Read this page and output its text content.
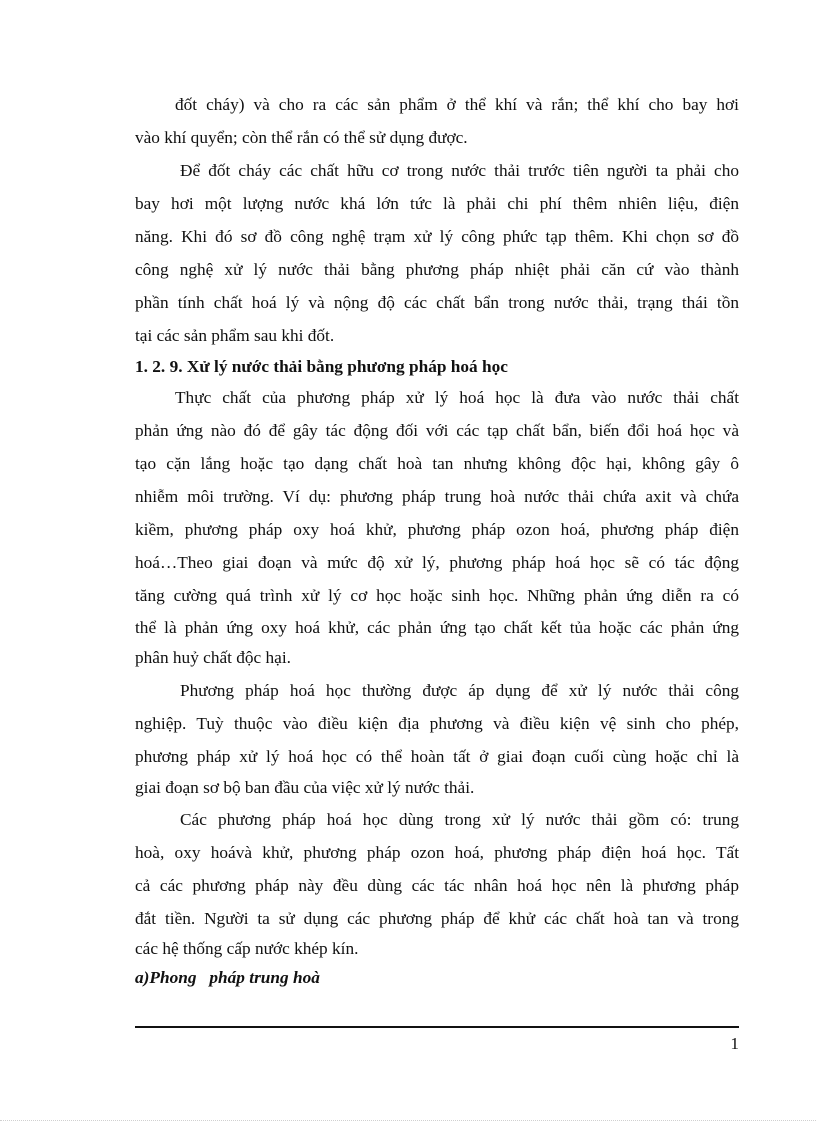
đốt cháy) và cho ra các sản phẩm ở thể khí và rắn; thể khí cho bay hơi
vào khí quyển; còn thể rắn có thể sử dụng được.
Để đốt cháy các chất hữu cơ trong nước thải trước tiên người ta phải cho
bay hơi một lượng nước khá lớn tức là phải chi phí thêm nhiên liệu, điện
năng. Khi đó sơ đồ công nghệ trạm xử lý công phức tạp thêm. Khi chọn sơ đồ
công nghệ xử lý nước thải bằng phương pháp nhiệt phải căn cứ vào thành
phần tính chất hoá lý và nộng độ các chất bẩn trong nước thải, trạng thái tồn
tại các sản phẩm sau khi đốt.
1. 2. 9. Xử lý nước thải bằng phương pháp hoá học
Thực chất của phương pháp xử lý hoá học là đưa vào nước thải chất
phản ứng nào đó để gây tác động đối với các tạp chất bẩn, biến đổi hoá học và
tạo cặn lắng hoặc tạo dạng chất hoà tan nhưng không độc hại, không gây ô
nhiễm môi trường. Ví dụ: phương pháp trung hoà nước thải chứa axit và chứa
kiềm, phương pháp oxy hoá khử, phương pháp ozon hoá, phương pháp điện
hoá…Theo giai đoạn và mức độ xử lý, phương pháp hoá học sẽ có tác động
tăng cường quá trình xử lý cơ học hoặc sinh học. Những phản ứng diễn ra có
thể là phản ứng oxy hoá khử, các phản ứng tạo chất kết tủa hoặc các phản ứng
phân huỷ chất độc hại.
Phương pháp hoá học thường được áp dụng để xử lý nước thải công
nghiệp. Tuỳ thuộc vào điều kiện địa phương và điều kiện vệ sinh cho phép,
phương pháp xử lý hoá học có thể hoàn tất ở giai đoạn cuối cùng hoặc chỉ là
giai đoạn sơ bộ ban đầu của việc xử lý nước thải.
Các phương pháp hoá học dùng trong xử lý nước thải gồm có: trung
hoà, oxy hoávà khử, phương pháp ozon hoá, phương pháp điện hoá học. Tất
cả các phương pháp này đều dùng các tác nhân hoá học nên là phương pháp
đắt tiền. Người ta sử dụng các phương pháp để khử các chất hoà tan và trong
các hệ thống cấp nước khép kín.
a)Phong   pháp trung hoà
1
